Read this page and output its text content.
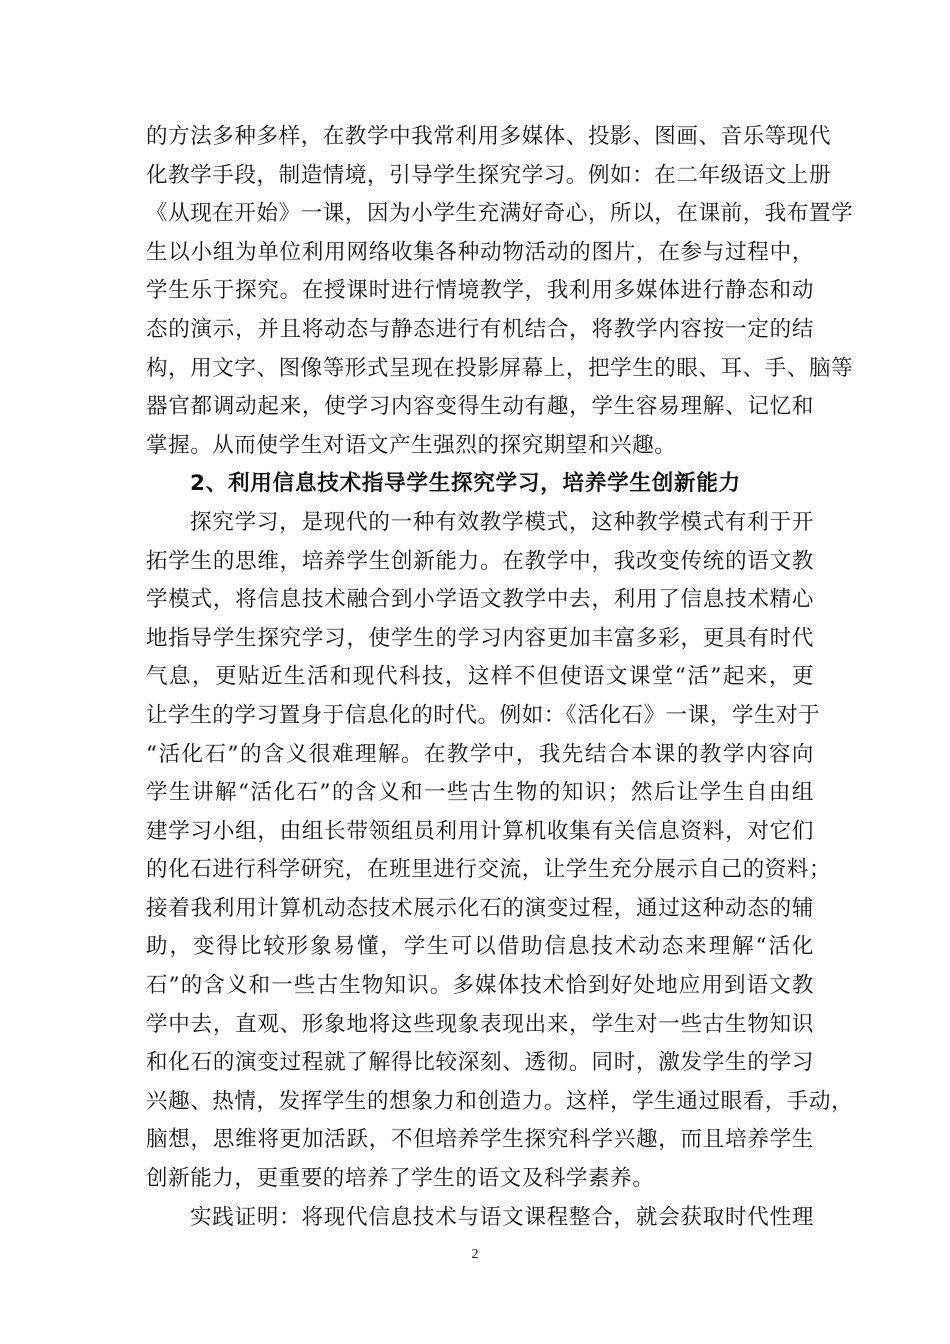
的方法多种多样，在教学中我常利用多媒体、投影、图画、音乐等现代
化教学手段，制造情境，引导学生探究学习。例如：在二年级语文上册
《从现在开始》一课，因为小学生充满好奇心，所以，在课前，我布置学
生以小组为单位利用网络收集各种动物活动的图片，在参与过程中，
学生乐于探究。在授课时进行情境教学，我利用多媒体进行静态和动
态的演示，并且将动态与静态进行有机结合，将教学内容按一定的结
构，用文字、图像等形式呈现在投影屏幕上，把学生的眼、耳、手、脑等
器官都调动起来，使学习内容变得生动有趣，学生容易理解、记忆和
掌握。从而使学生对语文产生强烈的探究期望和兴趣。
2、利用信息技术指导学生探究学习，培养学生创新能力
探究学习，是现代的一种有效教学模式，这种教学模式有利于开
拓学生的思维，培养学生创新能力。在教学中，我改变传统的语文教
学模式，将信息技术融合到小学语文教学中去，利用了信息技术精心
地指导学生探究学习，使学生的学习内容更加丰富多彩，更具有时代
气息，更贴近生活和现代科技，这样不但使语文课堂“活”起来，更
让学生的学习置身于信息化的时代。例如：《活化石》一课，学生对于
“活化石”的含义很难理解。在教学中，我先结合本课的教学内容向
学生讲解“活化石”的含义和一些古生物的知识；然后让学生自由组
建学习小组，由组长带领组员利用计算机收集有关信息资料，对它们
的化石进行科学研究，在班里进行交流，让学生充分展示自己的资料；
接着我利用计算机动态技术展示化石的演变过程，通过这种动态的辅
助，变得比较形象易懂，学生可以借助信息技术动态来理解“活化
石”的含义和一些古生物知识。多媒体技术恰到好处地应用到语文教
学中去，直观、形象地将这些现象表现出来，学生对一些古生物知识
和化石的演变过程就了解得比较深刻、透彻。同时，激发学生的学习
兴趣、热情，发挥学生的想象力和创造力。这样，学生通过眼看，手动，
脑想，思维将更加活跃，不但培养学生探究科学兴趣，而且培养学生
创新能力，更重要的培养了学生的语文及科学素养。
实践证明：将现代信息技术与语文课程整合，就会获取时代性理
2
